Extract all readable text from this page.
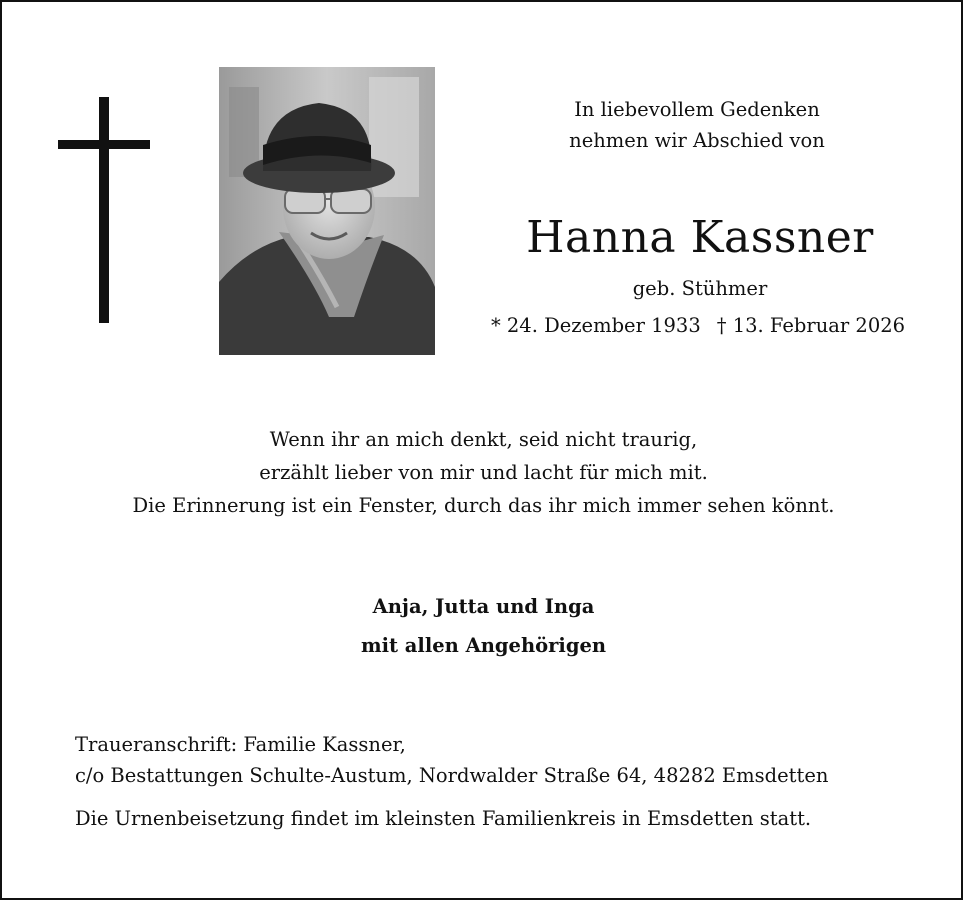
In liebevollem Gedenken
nehmen wir Abschied von
Hanna Kassner
geb. Stühmer
* 24. Dezember 1933 † 13. Februar 2026
Wenn ihr an mich denkt, seid nicht traurig,
erzählt lieber von mir und lacht für mich mit.
Die Erinnerung ist ein Fenster, durch das ihr mich immer sehen könnt.
Anja, Jutta und Inga
mit allen Angehörigen
Traueranschrift: Familie Kassner,
c/o Bestattungen Schulte-Austum, Nordwalder Straße 64, 48282 Emsdetten
Die Urnenbeisetzung findet im kleinsten Familienkreis in Emsdetten statt.
